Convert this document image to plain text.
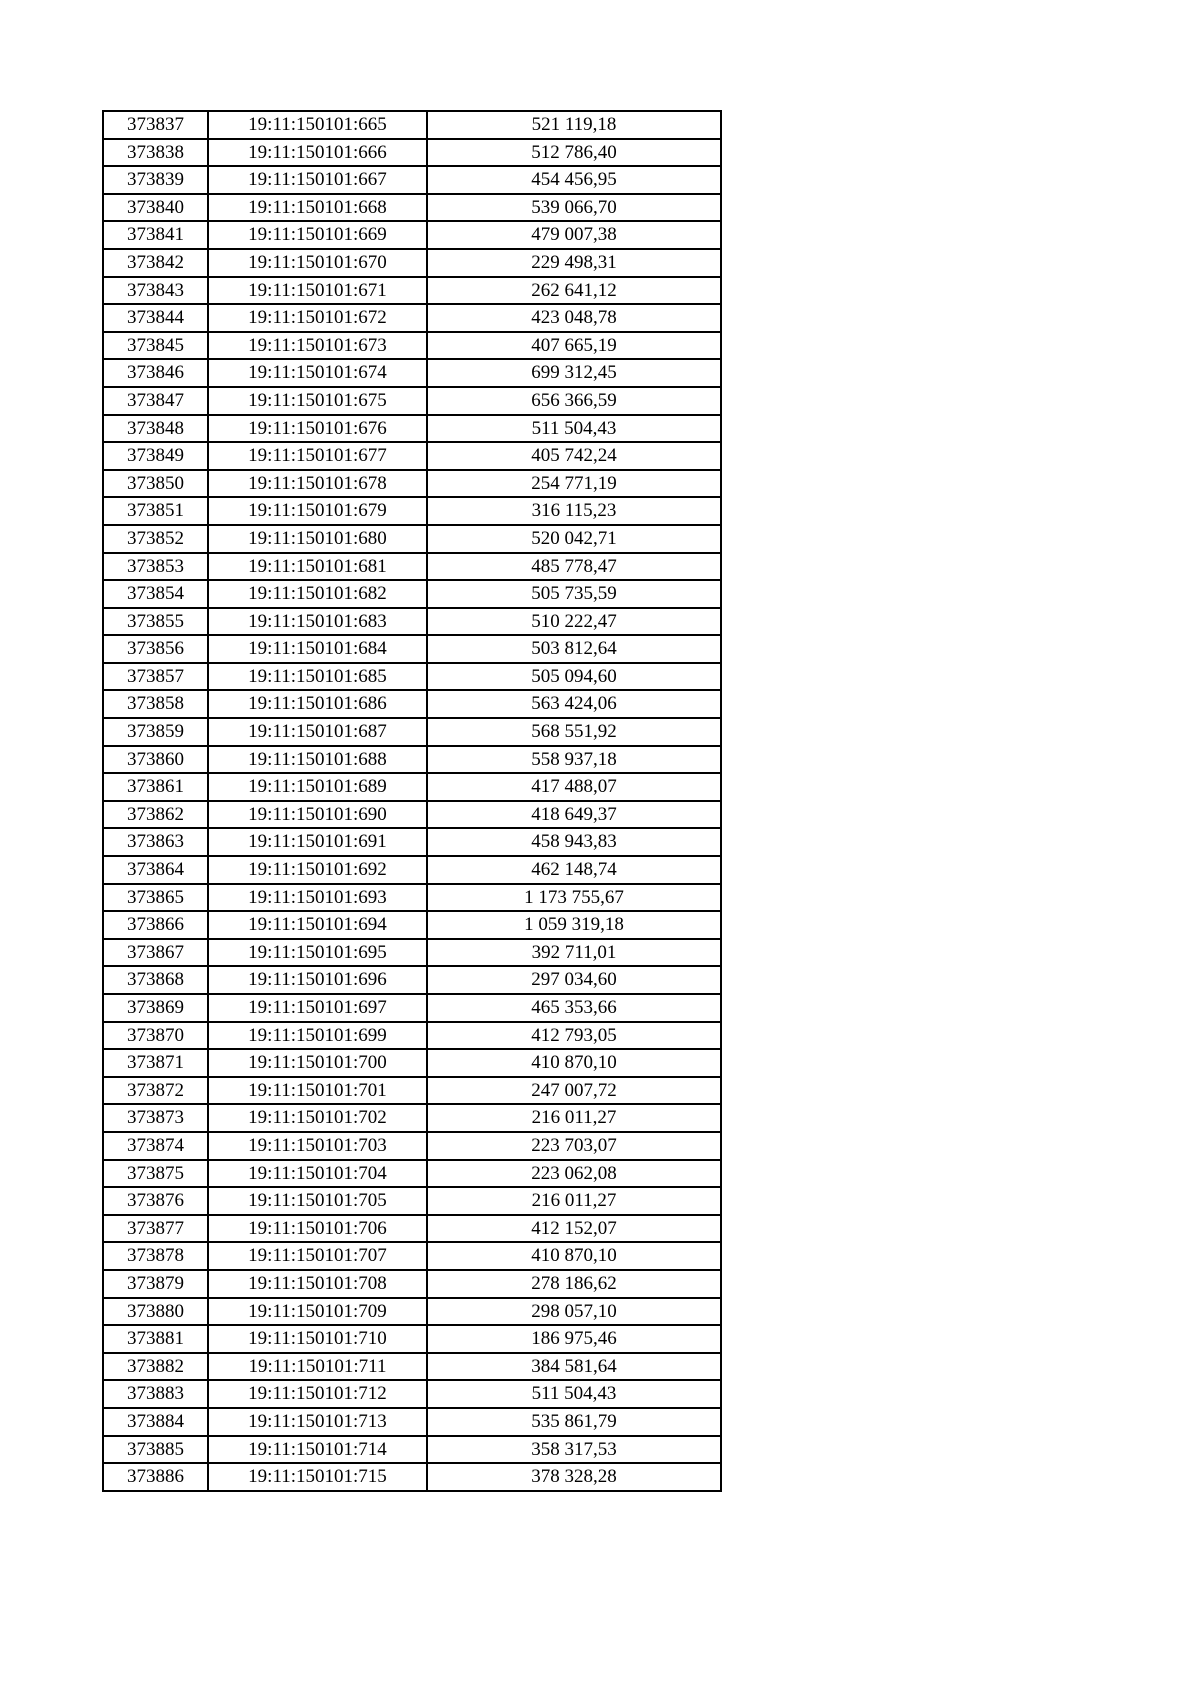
373837	19:11:150101:665	521 119,18
373838	19:11:150101:666	512 786,40
373839	19:11:150101:667	454 456,95
373840	19:11:150101:668	539 066,70
373841	19:11:150101:669	479 007,38
373842	19:11:150101:670	229 498,31
373843	19:11:150101:671	262 641,12
373844	19:11:150101:672	423 048,78
373845	19:11:150101:673	407 665,19
373846	19:11:150101:674	699 312,45
373847	19:11:150101:675	656 366,59
373848	19:11:150101:676	511 504,43
373849	19:11:150101:677	405 742,24
373850	19:11:150101:678	254 771,19
373851	19:11:150101:679	316 115,23
373852	19:11:150101:680	520 042,71
373853	19:11:150101:681	485 778,47
373854	19:11:150101:682	505 735,59
373855	19:11:150101:683	510 222,47
373856	19:11:150101:684	503 812,64
373857	19:11:150101:685	505 094,60
373858	19:11:150101:686	563 424,06
373859	19:11:150101:687	568 551,92
373860	19:11:150101:688	558 937,18
373861	19:11:150101:689	417 488,07
373862	19:11:150101:690	418 649,37
373863	19:11:150101:691	458 943,83
373864	19:11:150101:692	462 148,74
373865	19:11:150101:693	1 173 755,67
373866	19:11:150101:694	1 059 319,18
373867	19:11:150101:695	392 711,01
373868	19:11:150101:696	297 034,60
373869	19:11:150101:697	465 353,66
373870	19:11:150101:699	412 793,05
373871	19:11:150101:700	410 870,10
373872	19:11:150101:701	247 007,72
373873	19:11:150101:702	216 011,27
373874	19:11:150101:703	223 703,07
373875	19:11:150101:704	223 062,08
373876	19:11:150101:705	216 011,27
373877	19:11:150101:706	412 152,07
373878	19:11:150101:707	410 870,10
373879	19:11:150101:708	278 186,62
373880	19:11:150101:709	298 057,10
373881	19:11:150101:710	186 975,46
373882	19:11:150101:711	384 581,64
373883	19:11:150101:712	511 504,43
373884	19:11:150101:713	535 861,79
373885	19:11:150101:714	358 317,53
373886	19:11:150101:715	378 328,28
